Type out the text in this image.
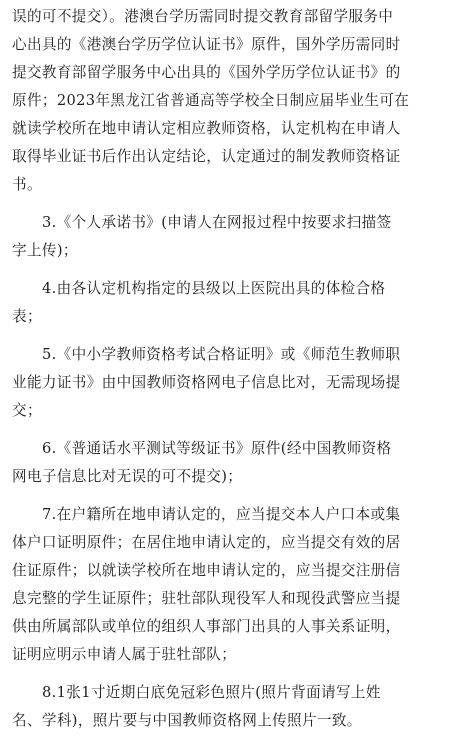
误的可不提交）。港澳台学历需同时提交教育部留学服务中
心出具的《港澳台学历学位认证书》原件，国外学历需同时
提交教育部留学服务中心出具的《国外学历学位认证书》的
原件；2023年黑龙江省普通高等学校全日制应届毕业生可在
就读学校所在地申请认定相应教师资格，认定机构在申请人
取得毕业证书后作出认定结论，认定通过的制发教师资格证
书。
3.《个人承诺书》(申请人在网报过程中按要求扫描签
字上传)；
4.由各认定机构指定的县级以上医院出具的体检合格
表；
5.《中小学教师资格考试合格证明》或《师范生教师职
业能力证书》由中国教师资格网电子信息比对，无需现场提
交；
6.《普通话水平测试等级证书》原件(经中国教师资格
网电子信息比对无误的可不提交)；
7.在户籍所在地申请认定的，应当提交本人户口本或集
体户口证明原件；在居住地申请认定的，应当提交有效的居
住证原件；以就读学校所在地申请认定的，应当提交注册信
息完整的学生证原件；驻牡部队现役军人和现役武警应当提
供由所属部队或单位的组织人事部门出具的人事关系证明，
证明应明示申请人属于驻牡部队；
8.1张1寸近期白底免冠彩色照片(照片背面请写上姓
名、学科)，照片要与中国教师资格网上传照片一致。
